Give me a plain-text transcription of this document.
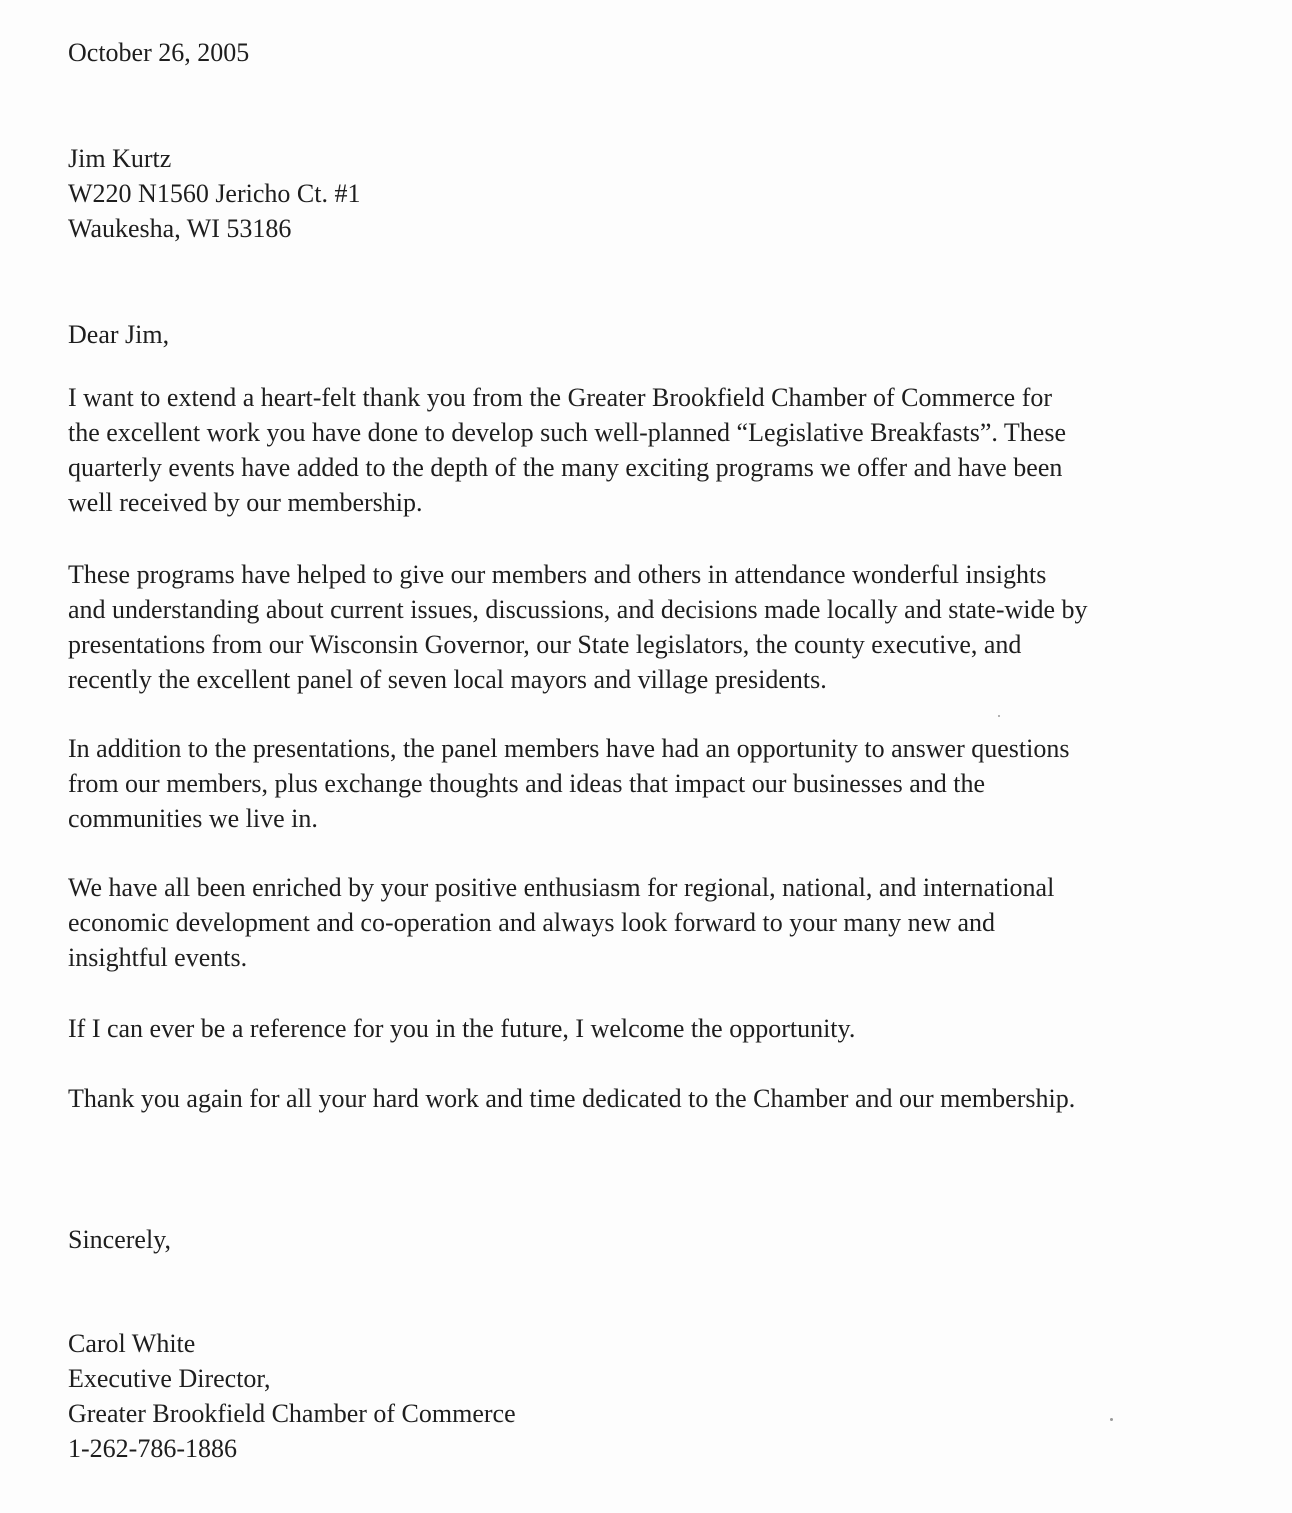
October 26, 2005
Jim Kurtz
W220 N1560 Jericho Ct. #1
Waukesha, WI 53186
Dear Jim,
I want to extend a heart-felt thank you from the Greater Brookfield Chamber of Commerce for
the excellent work you have done to develop such well-planned “Legislative Breakfasts”. These
quarterly events have added to the depth of the many exciting programs we offer and have been
well received by our membership.
These programs have helped to give our members and others in attendance wonderful insights
and understanding about current issues, discussions, and decisions made locally and state-wide by
presentations from our Wisconsin Governor, our State legislators, the county executive, and
recently the excellent panel of seven local mayors and village presidents.
In addition to the presentations, the panel members have had an opportunity to answer questions
from our members, plus exchange thoughts and ideas that impact our businesses and the
communities we live in.
We have all been enriched by your positive enthusiasm for regional, national, and international
economic development and co-operation and always look forward to your many new and
insightful events.
If I can ever be a reference for you in the future, I welcome the opportunity.
Thank you again for all your hard work and time dedicated to the Chamber and our membership.
Sincerely,
Carol White
Executive Director,
Greater Brookfield Chamber of Commerce
1-262-786-1886
